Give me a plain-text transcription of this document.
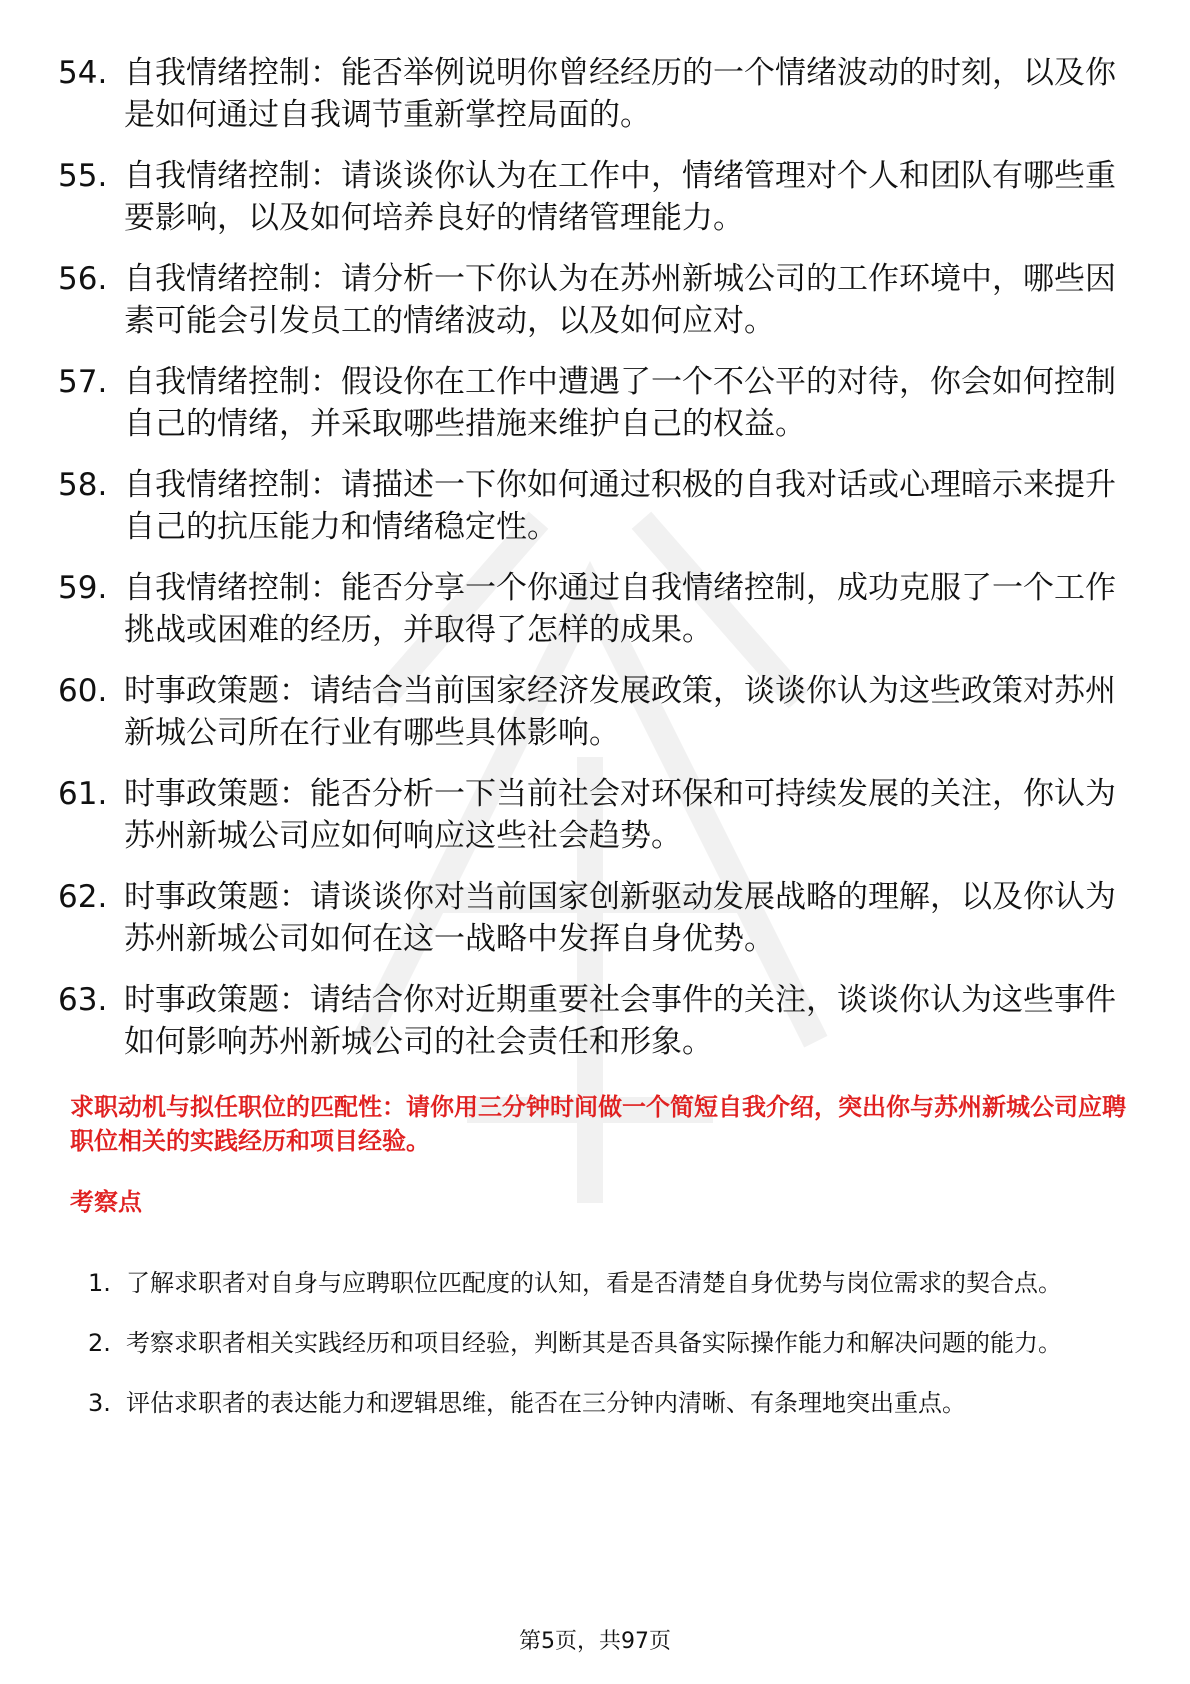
54. 自我情绪控制：能否举例说明你曾经经历的一个情绪波动的时刻，以及你是如何通过自我调节重新掌控局面的。
55. 自我情绪控制：请谈谈你认为在工作中，情绪管理对个人和团队有哪些重要影响，以及如何培养良好的情绪管理能力。
56. 自我情绪控制：请分析一下你认为在苏州新城公司的工作环境中，哪些因素可能会引发员工的情绪波动，以及如何应对。
57. 自我情绪控制：假设你在工作中遭遇了一个不公平的对待，你会如何控制自己的情绪，并采取哪些措施来维护自己的权益。
58. 自我情绪控制：请描述一下你如何通过积极的自我对话或心理暗示来提升自己的抗压能力和情绪稳定性。
59. 自我情绪控制：能否分享一个你通过自我情绪控制，成功克服了一个工作挑战或困难的经历，并取得了怎样的成果。
60. 时事政策题：请结合当前国家经济发展政策，谈谈你认为这些政策对苏州新城公司所在行业有哪些具体影响。
61. 时事政策题：能否分析一下当前社会对环保和可持续发展的关注，你认为苏州新城公司应如何响应这些社会趋势。
62. 时事政策题：请谈谈你对当前国家创新驱动发展战略的理解，以及你认为苏州新城公司如何在这一战略中发挥自身优势。
63. 时事政策题：请结合你对近期重要社会事件的关注，谈谈你认为这些事件如何影响苏州新城公司的社会责任和形象。
求职动机与拟任职位的匹配性：请你用三分钟时间做一个简短自我介绍，突出你与苏州新城公司应聘职位相关的实践经历和项目经验。
考察点
1. 了解求职者对自身与应聘职位匹配度的认知，看是否清楚自身优势与岗位需求的契合点。
2. 考察求职者相关实践经历和项目经验，判断其是否具备实际操作能力和解决问题的能力。
3. 评估求职者的表达能力和逻辑思维，能否在三分钟内清晰、有条理地突出重点。
第5页，共97页
